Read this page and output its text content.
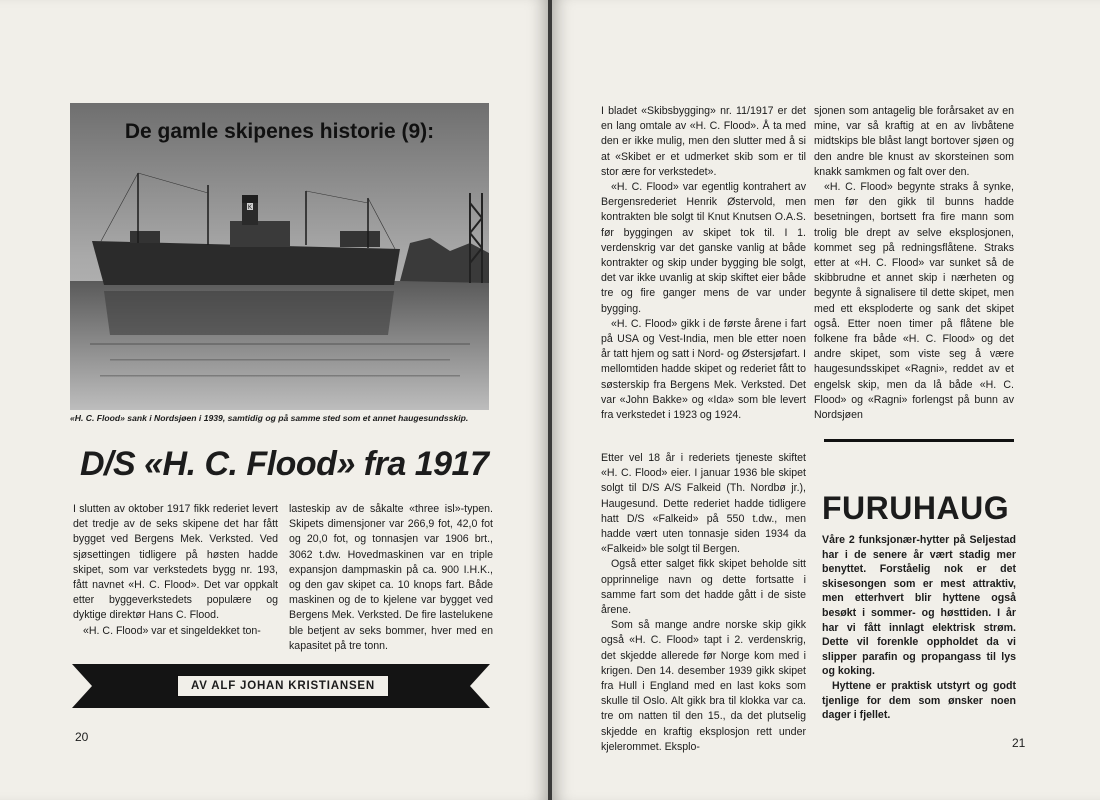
K
De gamle skipenes historie (9):
«H. C. Flood» sank i Nordsjøen i 1939, samtidig og på samme sted som et annet haugesundsskip.
D/S «H. C. Flood» fra 1917

I slutten av oktober 1917 fikk rederiet levert det tredje av de seks skipene det har fått bygget ved Bergens Mek. Verksted. Ved sjøsettingen tidligere på høsten hadde skipet, som var verkstedets bygg nr. 193, fått navnet «H. C. Flood». Det var oppkalt etter byggeverkstedets populære og dyktige direktør Hans C. Flood.

«H. C. Flood» var et singeldekket ton-

lasteskip av de såkalte «three isl»-typen. Skipets dimensjoner var 266,9 fot, 42,0 fot og 20,0 fot, og tonnasjen var 1906 brt., 3062 t.dw. Hovedmaskinen var en triple expansjon dampmaskin på ca. 900 I.H.K., og den gav skipet ca. 10 knops fart. Både maskinen og de to kjelene var bygget ved Bergens Mek. Verksted. De fire lastelukene ble betjent av seks bommer, hver med en kapasitet på tre tonn.

AV ALF JOHAN KRISTIANSEN
20

I bladet «Skibsbygging» nr. 11/1917 er det en lang omtale av «H. C. Flood». Å ta med den er ikke mulig, men den slutter med å si at «Skibet er et udmerket skib som er til stor ære for verkstedet».

«H. C. Flood» var egentlig kontrahert av Bergensrederiet Henrik Østervold, men kontrakten ble solgt til Knut Knutsen O.A.S. før byggingen av skipet tok til. I 1. verdenskrig var det ganske vanlig at både kontrakter og skip under bygging ble solgt, det var ikke uvanlig at skip skiftet eier både tre og fire ganger mens de var under bygging.

«H. C. Flood» gikk i de første årene i fart på USA og Vest-India, men ble etter noen år tatt hjem og satt i Nord- og Østersjøfart. I mellomtiden hadde skipet og rederiet fått to søsterskip fra Bergens Mek. Verksted. Det var «John Bakke» og «Ida» som ble levert fra verkstedet i 1923 og 1924.

Etter vel 18 år i rederiets tjeneste skiftet «H. C. Flood» eier. I januar 1936 ble skipet solgt til D/S A/S Falkeid (Th. Nordbø jr.), Haugesund. Dette rederiet hadde tidligere hatt D/S «Falkeid» på 550 t.dw., men hadde vært uten tonnasje siden 1934 da «Falkeid» ble solgt til Bergen.

Også etter salget fikk skipet beholde sitt opprinnelige navn og dette fortsatte i samme fart som det hadde gått i de siste årene.

Som så mange andre norske skip gikk også «H. C. Flood» tapt i 2. verdenskrig, det skjedde allerede før Norge kom med i krigen. Den 14. desember 1939 gikk skipet fra Hull i England med en last koks som skulle til Oslo. Alt gikk bra til klokka var ca. tre om natten til den 15., da det plutselig skjedde en kraftig eksplosjon rett under kjelerommet. Eksplo-

sjonen som antagelig ble forårsaket av en mine, var så kraftig at en av livbåtene midtskips ble blåst langt bortover sjøen og den andre ble knust av skorsteinen som knakk samkmen og falt over den.

«H. C. Flood» begynte straks å synke, men før den gikk til bunns hadde besetningen, bortsett fra fire mann som trolig ble drept av selve eksplosjonen, kommet seg på redningsflåtene. Straks etter at «H. C. Flood» var sunket så de skibbrudne et annet skip i nærheten og begynte å signalisere til dette skipet, men med ett eksploderte og sank det skipet også. Etter noen timer på flåtene ble folkene fra både «H. C. Flood» og det andre skipet, som viste seg å være haugesundsskipet «Ragni», reddet av et engelsk skip, men da lå både «H. C. Flood» og «Ragni» forlengst på bunn av Nordsjøen

FURUHAUG

Våre 2 funksjonær-hytter på Seljestad har i de senere år vært stadig mer benyttet. Forståelig nok er det skisesongen som er mest attraktiv, men etterhvert blir hyttene også besøkt i sommer- og høsttiden. I år har vi fått innlagt elektrisk strøm. Dette vil forenkle oppholdet da vi slipper parafin og propangass til lys og koking.

Hyttene er praktisk utstyrt og godt tjenlige for dem som ønsker noen dager i fjellet.

21
